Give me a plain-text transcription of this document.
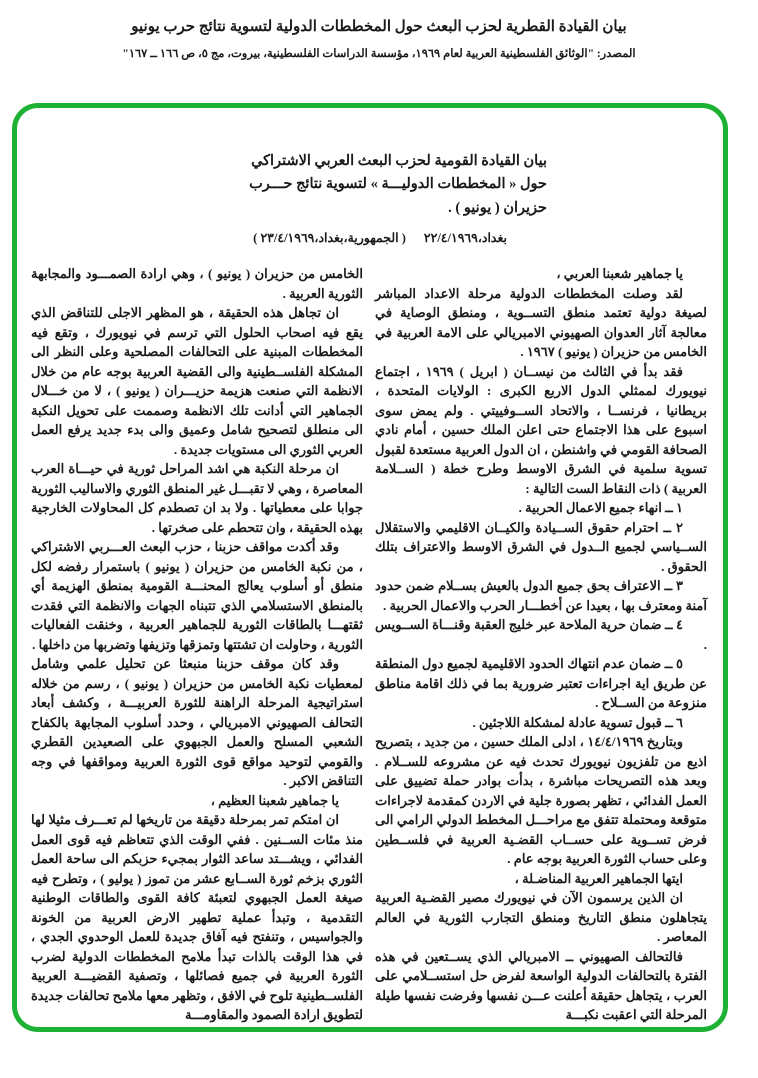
بيان القيادة القطرية لحزب البعث حول المخططات الدولية لتسوية نتائج حرب يونيو
المصدر: "الوثائق الفلسطينية العربية لعام ١٩٦٩، مؤسسة الدراسات الفلسطينية، بيروت، مج ٥، ص ١٦٦ ــ ١٦٧"
بيان القيادة القومية لحزب البعث العربي الاشتراكي
حول « المخططات الدوليـــة » لتسوية نتائج حـــرب
حزيران ( يونيو ) .
بغداد،٢٢/٤/١٩٦٩
( الجمهورية،بغداد،٢٣/٤/١٩٦٩ )

يا جماهير شعبنا العربي ،

لقد وصلت المخططات الدولية مرحلة الاعداد المباشر لصيغة دولية تعتمد منطق التســوية ، ومنطق الوصاية في معالجة آثار العدوان الصهيوني الامبريالي على الامة العربية في الخامس من حزيران ( يونيو ) ١٩٦٧ .

فقد بدأ في الثالث من نيســان ( ابريل ) ١٩٦٩ ، اجتماع نيويورك لممثلي الدول الاربع الكبرى : الولايات المتحدة ، بريطانيا ، فرنســا ، والاتحاد الســوفييتي . ولم يمض سوى اسبوع على هذا الاجتماع حتى اعلن الملك حسين ، أمام نادي الصحافة القومي في واشنطن ، ان الدول العربية مستعدة لقبول تسوية سلمية في الشرق الاوسط وطرح خطة ( الســلامة العربية ) ذات النقاط الست التالية :

١ ــ انهاء جميع الاعمال الحربية .

٢ ــ احترام حقوق الســيادة والكيــان الاقليمي والاستقلال الســياسي لجميع الــدول في الشرق الاوسط والاعتراف بتلك الحقوق .

٣ ــ الاعتراف بحق جميع الدول بالعيش بســلام ضمن حدود آمنة ومعترف بها ، بعيدا عن أخطـــار الحرب والاعمال الحربية .

٤ ــ ضمان حرية الملاحة عبر خليج العقبة وقنـــاة الســويس .

٥ ــ ضمان عدم انتهاك الحدود الاقليمية لجميع دول المنطقة عن طريق اية اجراءات تعتبر ضرورية بما في ذلك اقامة مناطق منزوعة من الســلاح .

٦ ــ قبول تسوية عادلة لمشكلة اللاجئين .

وبتاريخ ١٤/٤/١٩٦٩ ، ادلى الملك حسين ، من جديد ، بتصريح اذيع من تلفزيون نيويورك تحدث فيه عن مشروعه للســلام . وبعد هذه التصريحات مباشرة ، بدأت بوادر حملة تضييق على العمل الفدائي ، تظهر بصورة جلية في الاردن كمقدمة لاجراءات متوقعة ومحتملة تتفق مع مراحـــل المخطط الدولي الرامي الى فرض تســوية على حســاب القضـية العربية في فلســطين وعلى حساب الثورة العربية بوجه عام .

ايتها الجماهير العربية المناضـلة ،

ان الذين يرسمون الآن في نيويورك مصير القضـية العربية يتجاهلون منطق التاريخ ومنطق التجارب الثورية في العالم المعاصر .

فالتحالف الصهيوني ــ الامبريالي الذي يســتعين في هذه الفترة بالتحالفات الدولية الواسعة لفرض حل استســلامي على العرب ، يتجاهل حقيقة أعلنت عـــن نفسها وفرضت نفسها طيلة المرحلة التي اعقبت نكبـــة

الخامس من حزيران ( يونيو ) ، وهي ارادة الصمـــود والمجابهة الثورية العربية .

ان تجاهل هذه الحقيقة ، هو المظهر الاجلى للتناقض الذي يقع فيه اصحاب الحلول التي ترسم في نيويورك ، وتقع فيه المخططات المبنية على التحالفات المصلحية وعلى النظر الى المشكلة الفلســطينية والى القضية العربية بوجه عام من خلال الانظمة التي صنعت هزيمة حزيـــران ( يونيو ) ، لا من خـــلال الجماهير التي أدانت تلك الانظمة وصممت على تحويل النكبة الى منطلق لتصحيح شامل وعميق والى بدء جديد يرفع العمل العربي الثوري الى مستويات جديدة .

ان مرحلة النكبة هي اشد المراحل ثورية في حيـــاة العرب المعاصرة ، وهي لا تقبـــل غير المنطق الثوري والاساليب الثورية جوابا على معطياتها . ولا بد ان تصطدم كل المحاولات الخارجية بهذه الحقيقة ، وان تتحطم على صخرتها .

وقد أكدت مواقف حزبنا ، حزب البعث العـــربي الاشتراكي ، من نكبة الخامس من حزيران ( يونيو ) باستمرار رفضه لكل منطق أو أسلوب يعالج المحنـــة القومية بمنطق الهزيمة أي بالمنطق الاستسلامي الذي تتبناه الجهات والانظمة التي فقدت ثقتهـــا بالطاقات الثورية للجماهير العربية ، وخنقت الفعاليات الثورية ، وحاولت ان تشتتها وتمزقها وتزيفها وتضربها من داخلها .

وقد كان موقف حزبنا منبعثا عن تحليل علمي وشامل لمعطيات نكبة الخامس من حزيران ( يونيو ) ، رسم من خلاله استراتيجية المرحلة الراهنة للثورة العربيـــة ، وكشف أبعاد التحالف الصهيوني الامبريالي ، وحدد أسلوب المجابهة بالكفاح الشعبي المسلح والعمل الجبهوي على الصعيدين القطري والقومي لتوحيد مواقع قوى الثورة العربية ومواقفها في وجه التناقض الاكبر .

يا جماهير شعبنا العظيم ،

ان امتكم تمر بمرحلة دقيقة من تاريخها لم تعـــرف مثيلا لها منذ مئات الســنين . ففي الوقت الذي تتعاظم فيه قوى العمل الفدائي ، ويشـــتد ساعد الثوار بمجيء حزبكم الى ساحة العمل الثوري بزخم ثورة الســابع عشر من تموز ( يوليو ) ، وتطرح فيه صيغة العمل الجبهوي لتعبئة كافة القوى والطاقات الوطنية التقدمية ، وتبدأ عملية تطهير الارض العربية من الخونة والجواسيس ، وتنفتح فيه آفاق جديدة للعمل الوحدوي الجدي ، في هذا الوقت بالذات تبدأ ملامح المخططات الدولية لضرب الثورة العربية في جميع فصائلها ، وتصفية القضيـــة العربية الفلســطينية تلوح في الافق ، وتظهر معها ملامح تحالفات جديدة لتطويق ارادة الصمود والمقاومـــة
